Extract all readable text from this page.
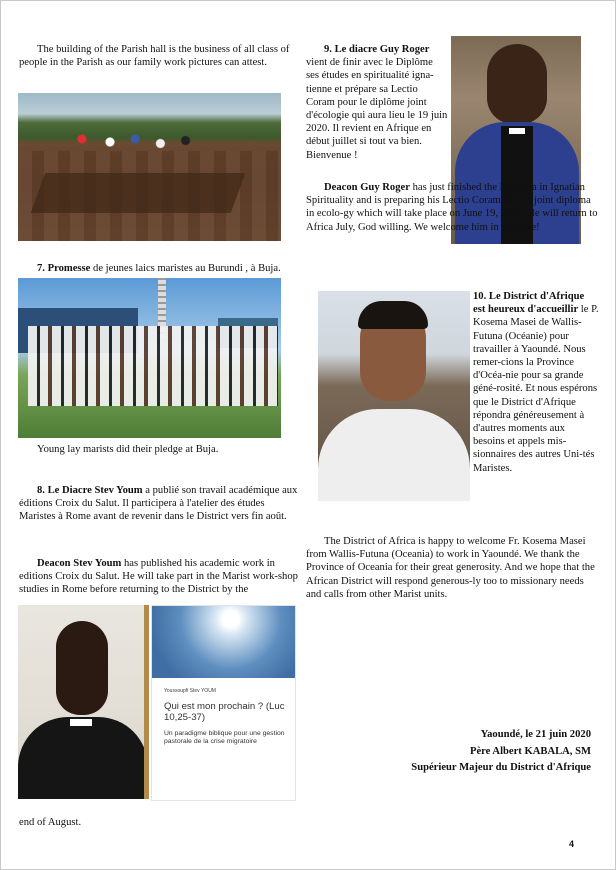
The building of the Parish hall is the business of all class of people in the Parish as our family work pictures can attest.

7. Promesse de jeunes laics maristes au Burundi , à Buja.

Young lay marists did their pledge at Buja.

8. Le Diacre Stev Youm a publié son travail académique aux éditions Croix du Salut. Il participera à l'atelier des études Maristes à Rome avant de revenir dans le District vers fin août.

Deacon Stev Youm has published his academic work in editions Croix du Salut. He will take part in the Marist work-shop studies in Rome before returning to the District by the

Youssoupfi Stev YOUM
Qui est mon prochain ? (Luc 10,25-37)
Un paradigme biblique pour une gestion pastorale de la crise migratoire

end of August.

9. Le diacre Guy Roger vient de finir avec le Diplôme ses études en spiritualité igna-tienne et prépare sa Lectio Coram pour le diplôme joint d'écologie qui aura lieu le 19 juin 2020. Il revient en Afrique en début juillet si tout va bien. Bienvenue !

Deacon Guy Roger has just finished the Diploma in Ignatian Spirituality and is preparing his Lectio Coram for the joint diploma in ecolo-gy which will take place on June 19, 2020. He will return to Africa July, God willing. We welcome him in advance!

10. Le District d'Afrique est heureux d'accueillir le P. Kosema Masei de Wallis-Futuna (Océanie) pour travailler à Yaoundé. Nous remer-cions la Province d'Océa-nie pour sa grande géné-rosité. Et nous espérons que le District d'Afrique répondra généreusement à d'autres moments aux besoins et appels mis-sionnaires des autres Uni-tés Maristes.

The District of Africa is happy to welcome Fr. Kosema Masei from Wallis-Futuna (Oceania) to work in Yaoundé. We thank the Province of Oceania for their great generosity. And we hope that the African District will respond generous-ly too to missionary needs and calls from other Marist units.

Yaoundé, le 21 juin 2020
Père Albert KABALA, SM
Supérieur Majeur du District d'Afrique
4
